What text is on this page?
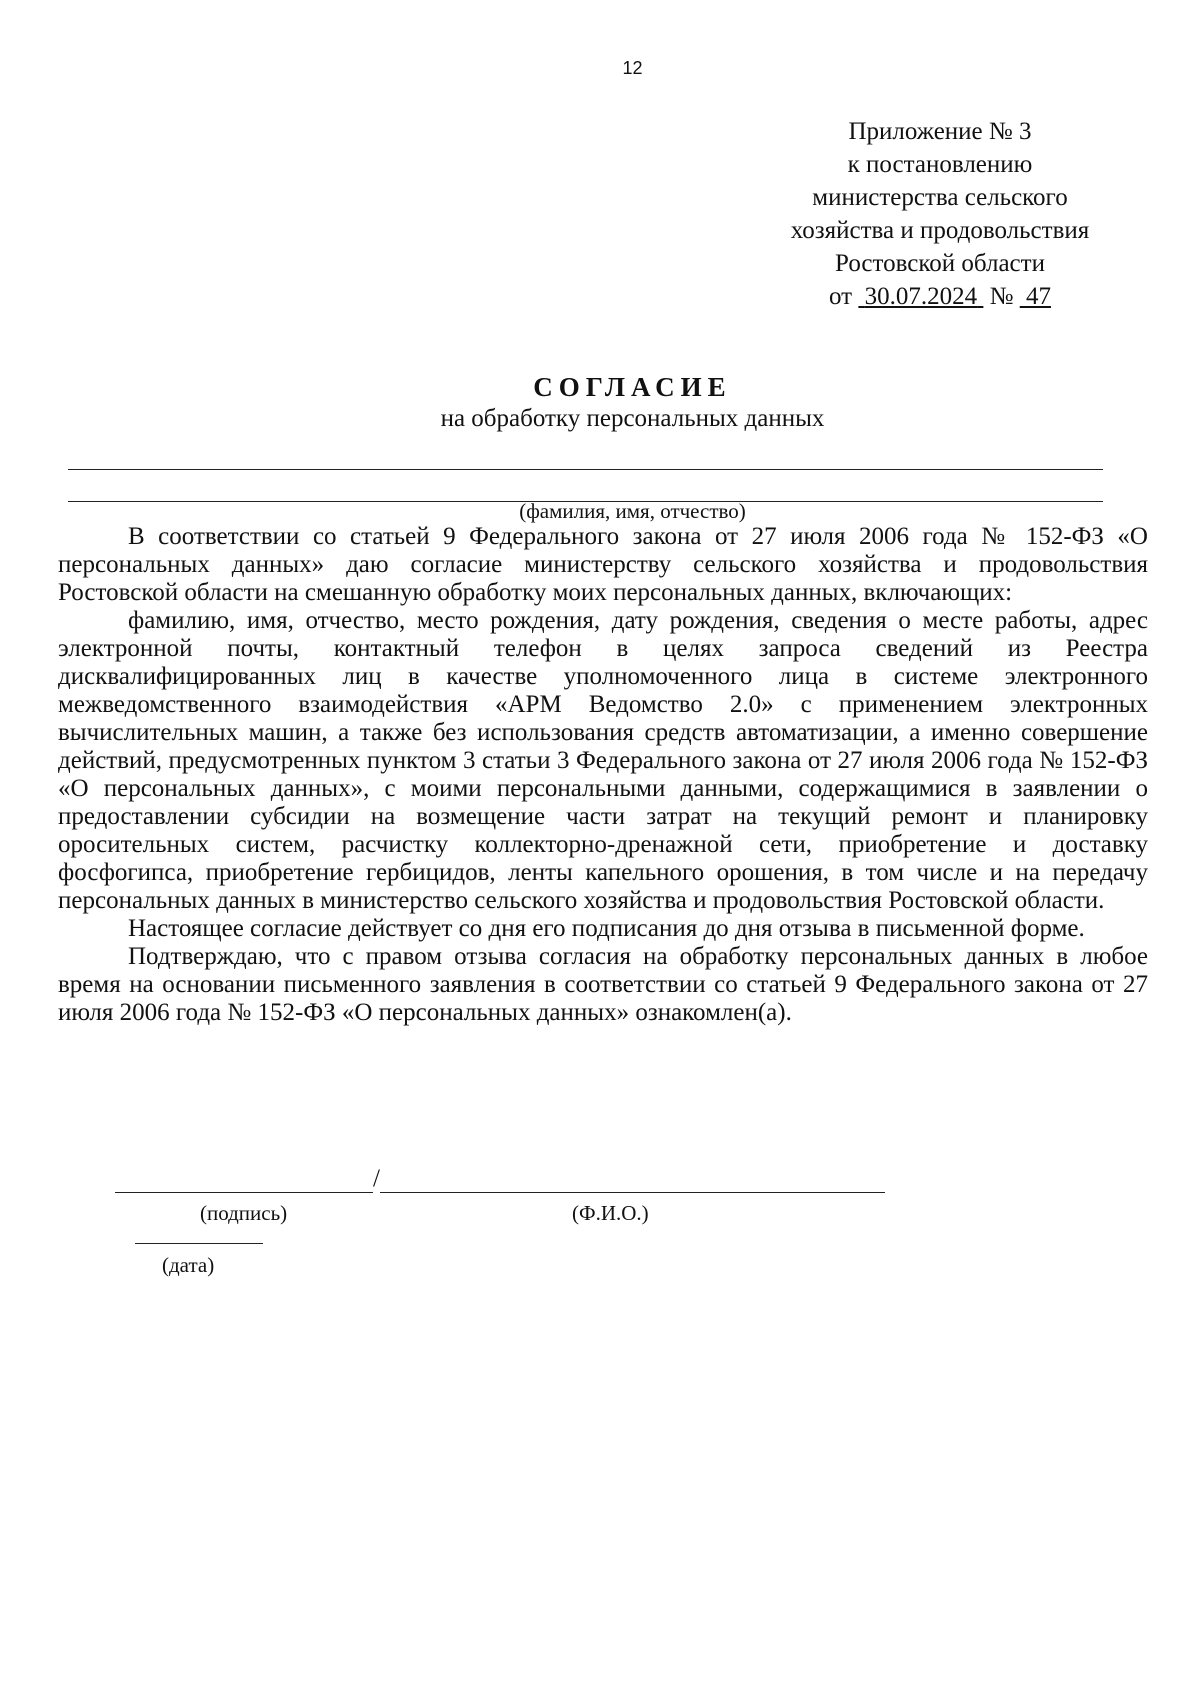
12
Приложение № 3
к постановлению
министерства сельского
хозяйства и продовольствия
Ростовской области
от 30.07.2024 № 47
СОГЛАСИЕ
на обработку персональных данных
(фамилия, имя, отчество)

В соответствии со статьей 9 Федерального закона от 27 июля 2006 года № 152-ФЗ «О персональных данных» даю согласие министерству сельского хозяйства и продовольствия Ростовской области на смешанную обработку моих персональных данных, включающих:

фамилию, имя, отчество, место рождения, дату рождения, сведения о месте работы, адрес электронной почты, контактный телефон в целях запроса сведений из Реестра дисквалифицированных лиц в качестве уполномоченного лица в системе электронного межведомственного взаимодействия «АРМ Ведомство 2.0» с применением электронных вычислительных машин, а также без использования средств автоматизации, а именно совершение действий, предусмотренных пунктом 3 статьи 3 Федерального закона от 27 июля 2006 года № 152-ФЗ «О персональных данных», с моими персональными данными, содержащимися в заявлении о предоставлении субсидии на возмещение части затрат на текущий ремонт и планировку оросительных систем, расчистку коллекторно-дренажной сети, приобретение и доставку фосфогипса, приобретение гербицидов, ленты капельного орошения, в том числе и на передачу персональных данных в министерство сельского хозяйства и продовольствия Ростовской области.

Настоящее согласие действует со дня его подписания до дня отзыва в письменной форме.

Подтверждаю, что с правом отзыва согласия на обработку персональных данных в любое время на основании письменного заявления в соответствии со статьей 9 Федерального закона от 27 июля 2006 года № 152-ФЗ «О персональных данных» ознакомлен(а).

/
(подпись)	(Ф.И.О.)
(дата)
